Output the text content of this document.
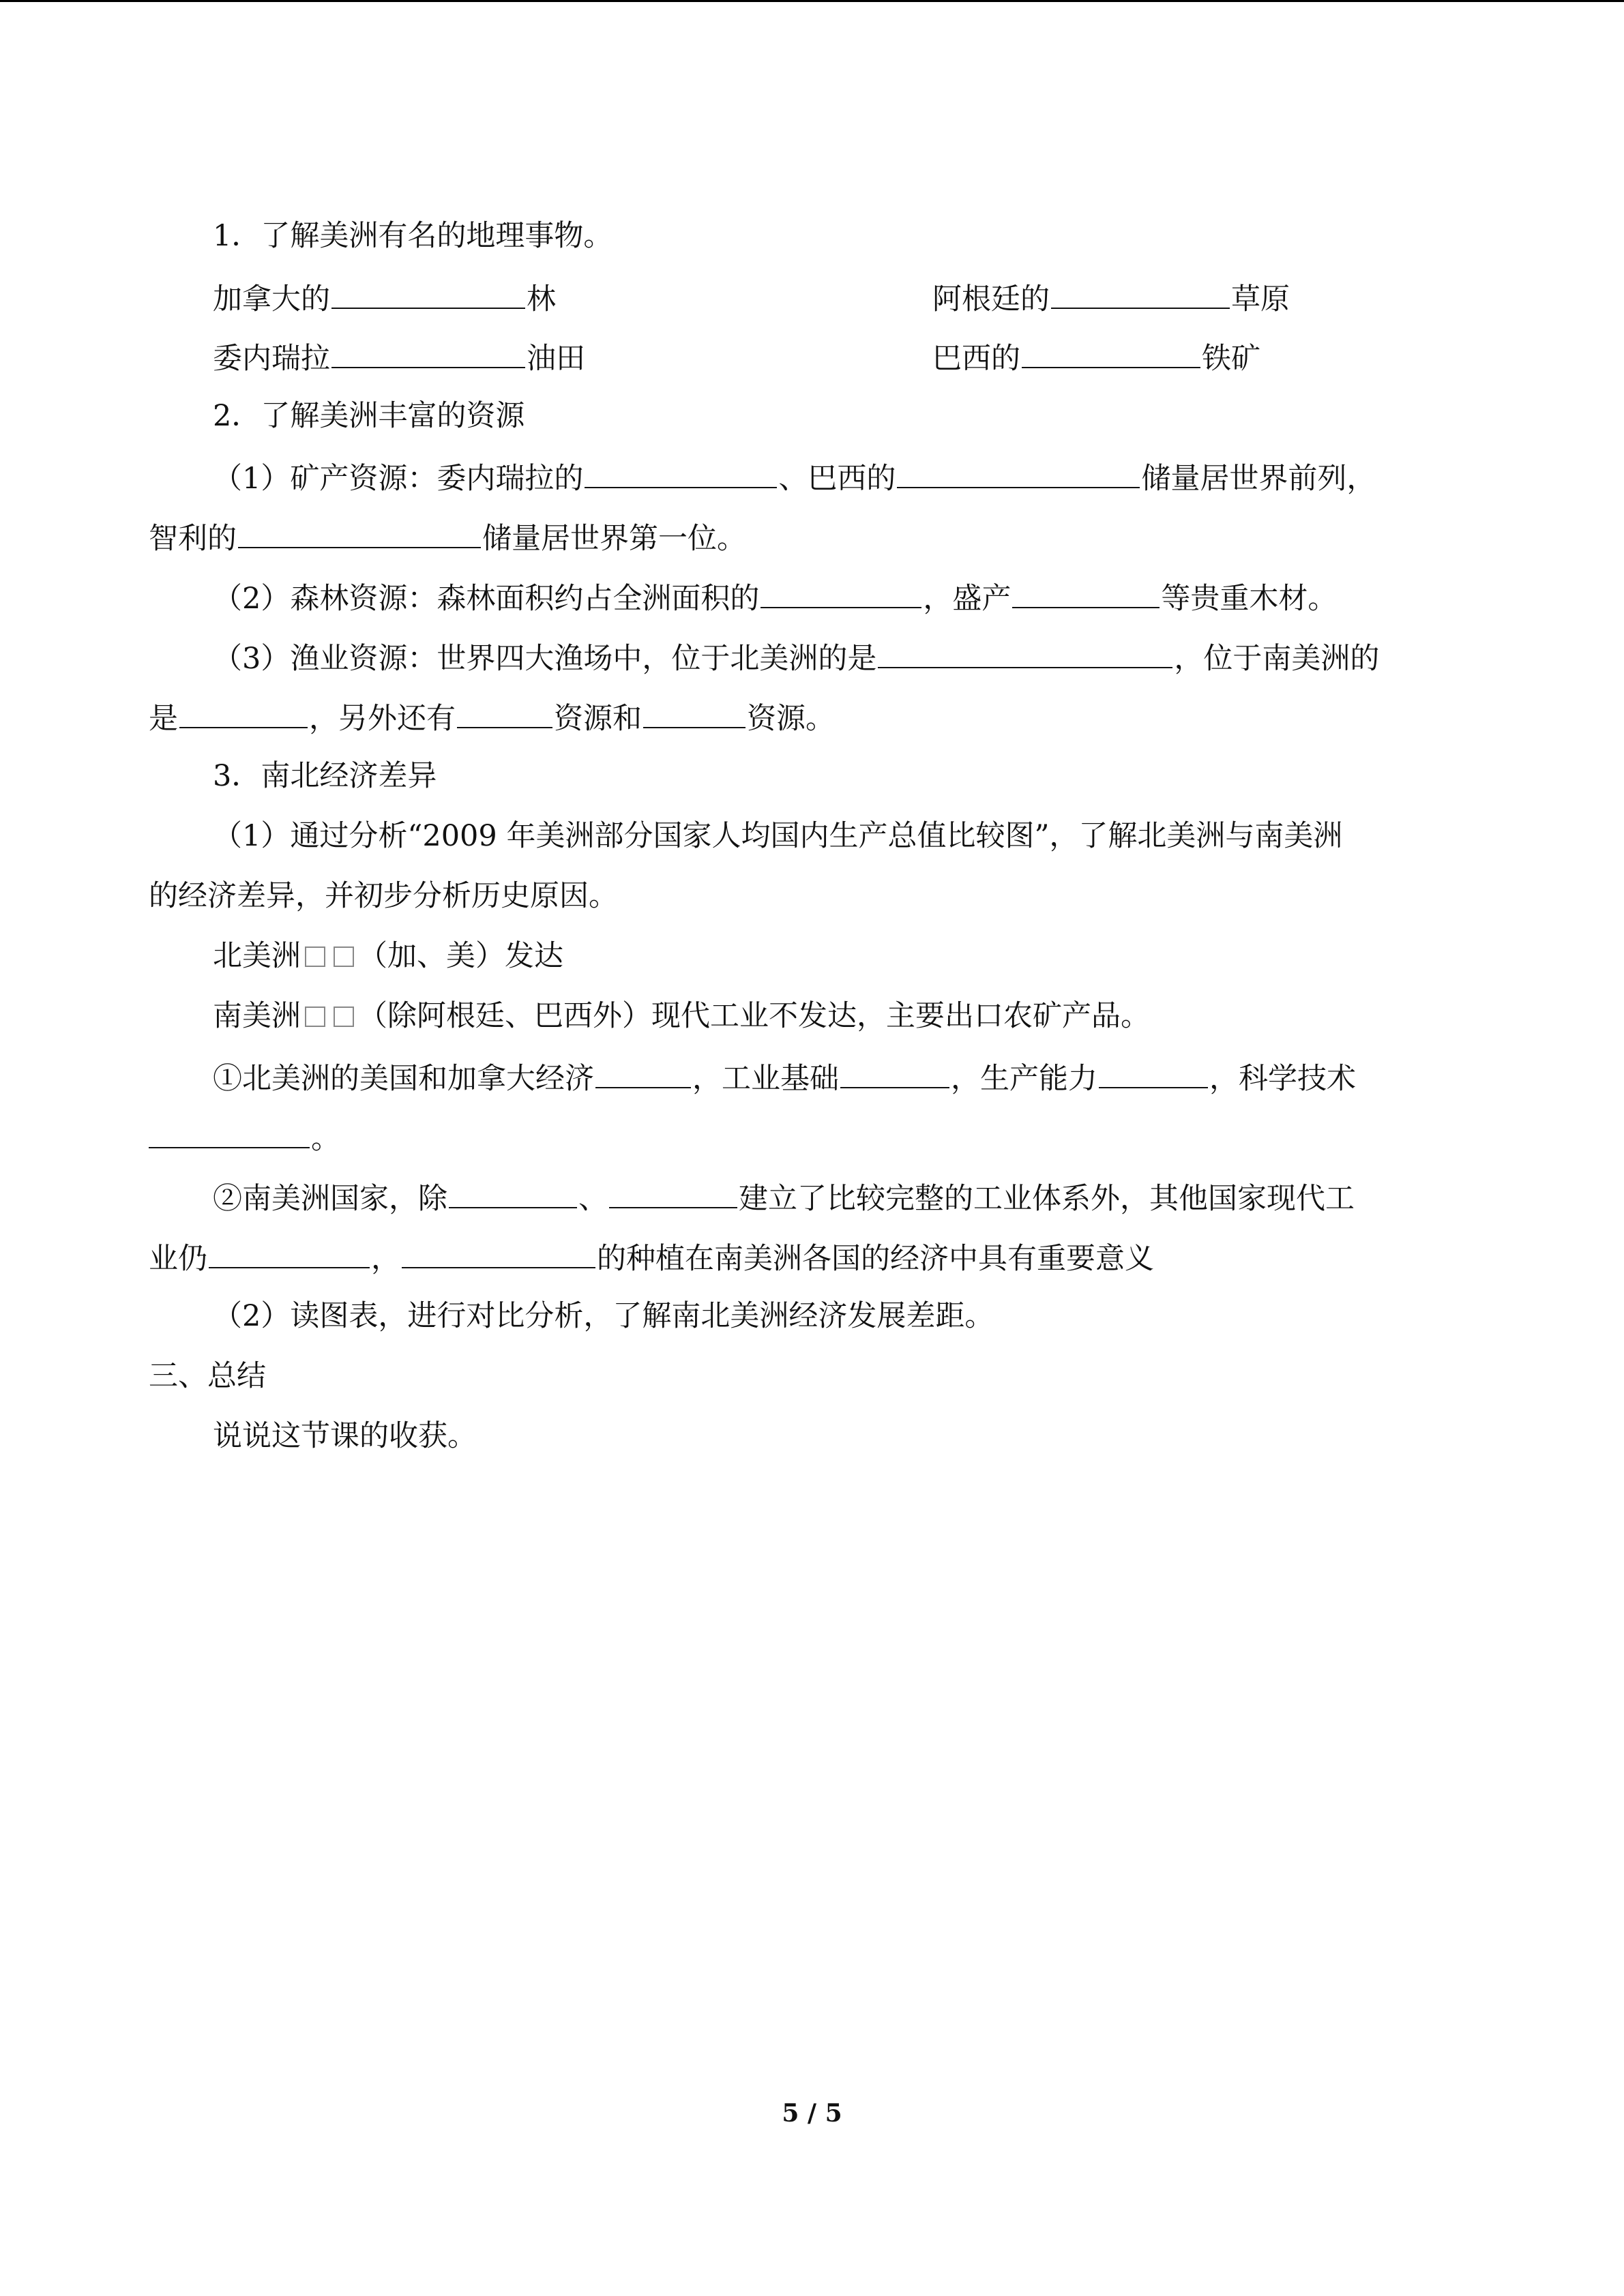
1．了解美洲有名的地理事物。
加拿大的	林	阿根廷的	草原
委内瑞拉	油田	巴西的	铁矿
2．了解美洲丰富的资源
（1）矿产资源：委内瑞拉的	、巴西的	储量居世界前列，
智利的	储量居世界第一位。
（2）森林资源：森林面积约占全洲面积的	，盛产	等贵重木材。
（3）渔业资源：世界四大渔场中，位于北美洲的是	，位于南美洲的
是	，另外还有	资源和	资源。
3．南北经济差异
（1）通过分析“2009 年美洲部分国家人均国内生产总值比较图”，了解北美洲与南美洲
的经济差异，并初步分析历史原因。
北美洲 （加、美）发达
南美洲 （除阿根廷、巴西外）现代工业不发达，主要出口农矿产品。
①北美洲的美国和加拿大经济	，工业基础	，生产能力	，科学技术
。
②南美洲国家，除	、	建立了比较完整的工业体系外，其他国家现代工
业仍	，	的种植在南美洲各国的经济中具有重要意义
（2）读图表，进行对比分析，了解南北美洲经济发展差距。
三、总结
说说这节课的收获。
5 / 5
